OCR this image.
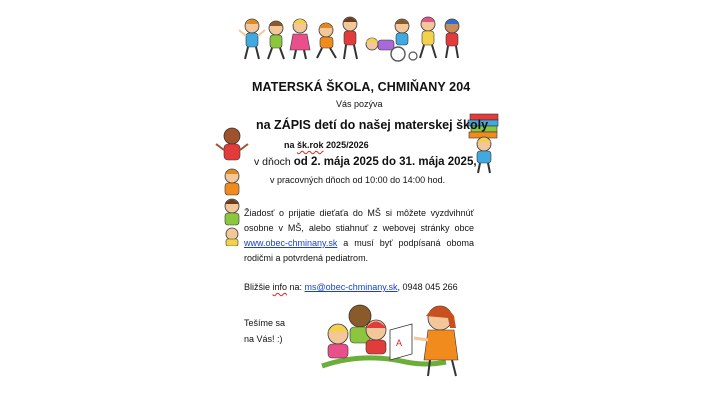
A
MATERSKÁ ŠKOLA, CHMIŇANY 204
Vás pozýva
na ZÁPIS detí do našej materskej školy
na šk.rok 2025/2026
v dňoch od 2. mája 2025 do 31. mája 2025,
v pracovných dňoch od 10:00 do 14:00 hod.
Žiadosť o prijatie dieťaťa do MŠ si môžete vyzdvihnúť
osobne v MŠ, alebo stiahnuť z webovej stránky obce
www.obec-chminany.sk a musí byť podpísaná oboma
rodičmi a potvrdená pediatrom.
Bližšie info na: ms@obec-chminany.sk, 0948 045 266
Tešíme sa
na Vás! :)
